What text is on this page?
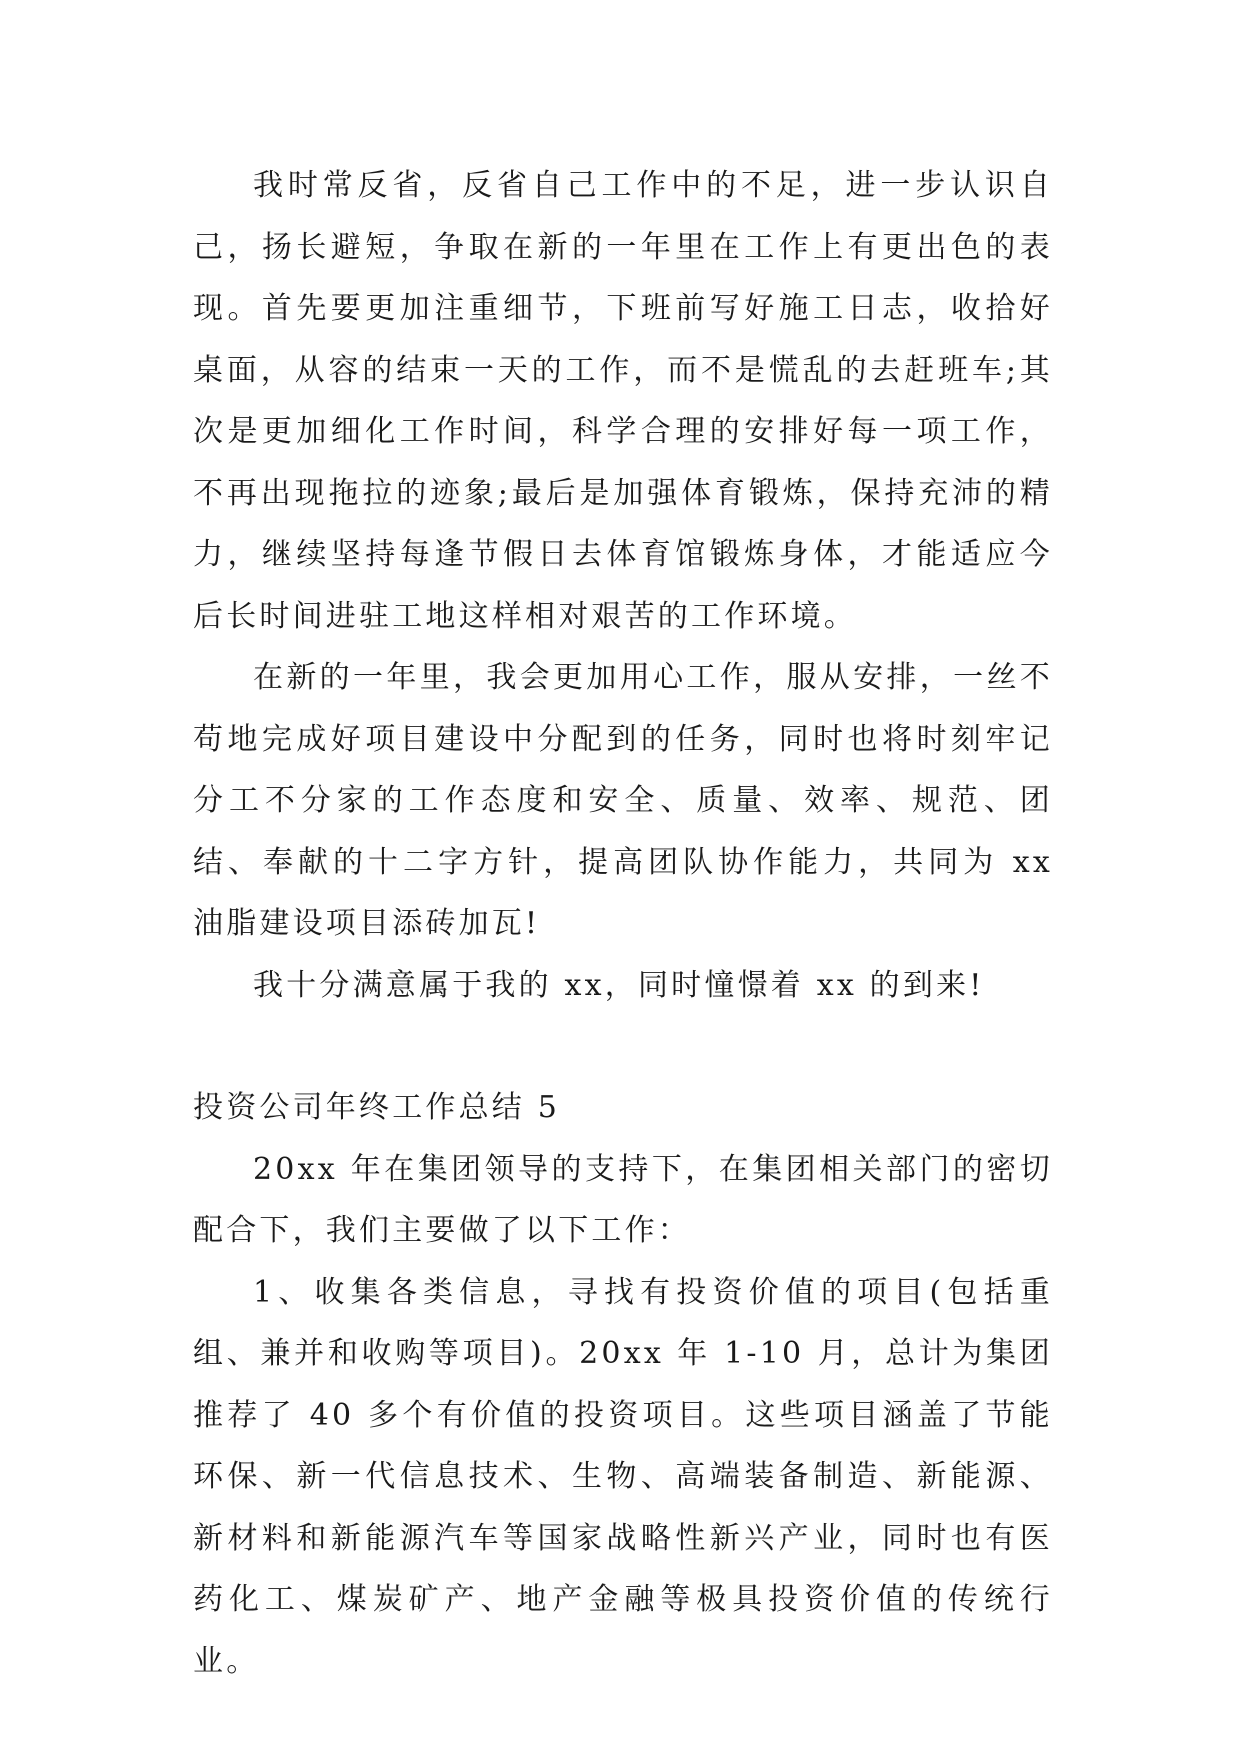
我时常反省，反省自己工作中的不足，进一步认识自己，扬长避短，争取在新的一年里在工作上有更出色的表现。首先要更加注重细节，下班前写好施工日志，收拾好桌面，从容的结束一天的工作，而不是慌乱的去赶班车;其次是更加细化工作时间，科学合理的安排好每一项工作，不再出现拖拉的迹象;最后是加强体育锻炼，保持充沛的精力，继续坚持每逢节假日去体育馆锻炼身体，才能适应今后长时间进驻工地这样相对艰苦的工作环境。

在新的一年里，我会更加用心工作，服从安排，一丝不苟地完成好项目建设中分配到的任务，同时也将时刻牢记分工不分家的工作态度和安全、质量、效率、规范、团结、奉献的十二字方针，提高团队协作能力，共同为 xx 油脂建设项目添砖加瓦!

我十分满意属于我的 xx，同时憧憬着 xx 的到来!

投资公司年终工作总结 5

20xx 年在集团领导的支持下，在集团相关部门的密切配合下，我们主要做了以下工作：

1、收集各类信息，寻找有投资价值的项目(包括重组、兼并和收购等项目)。20xx 年 1-10 月，总计为集团推荐了 40 多个有价值的投资项目。这些项目涵盖了节能环保、新一代信息技术、生物、高端装备制造、新能源、新材料和新能源汽车等国家战略性新兴产业，同时也有医药化工、煤炭矿产、地产金融等极具投资价值的传统行业。
